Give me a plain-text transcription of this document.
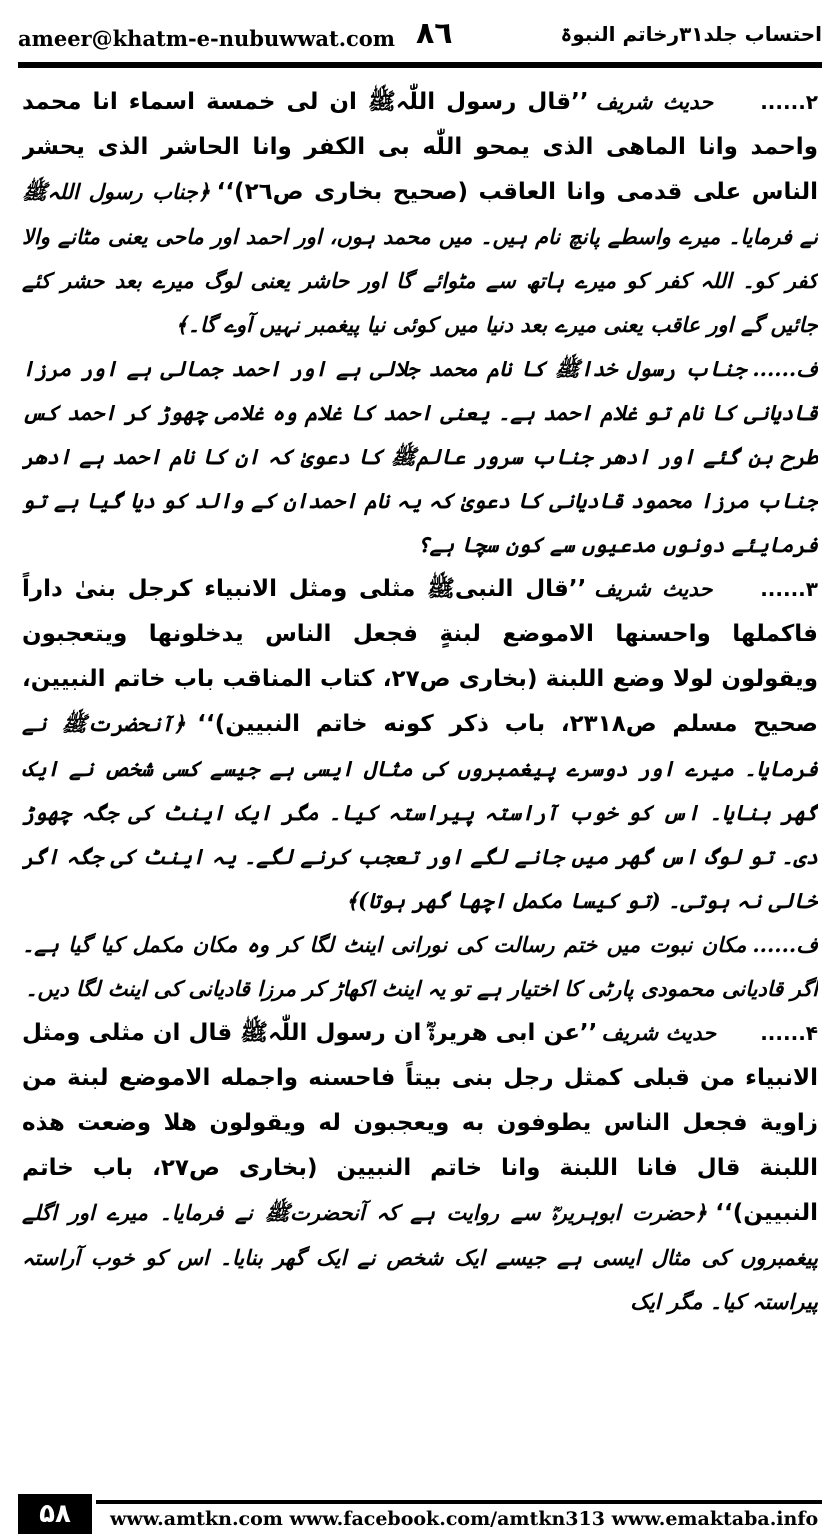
ameer@khatm-e-nubuwwat.com ۸٦	احتساب جلد۳۱رخاتم النبوۃ

۲...... حدیث شریف ’’قال رسول اللّٰہﷺ ان لی خمسة اسماء انا محمد واحمد وانا الماهی الذی یمحو اللّٰه بی الکفر وانا الحاشر الذی یحشر الناس علی قدمی وانا العاقب (صحیح بخاری ص٢٦)‘‘ ﴿جناب رسول اللہﷺ نے فرمایا۔ میرے واسطے پانچ نام ہیں۔ میں محمد ہوں، اور احمد اور ماحی یعنی مٹانے والا کفر کو۔ اللہ کفر کو میرے ہاتھ سے مٹوائے گا اور حاشر یعنی لوگ میرے بعد حشر کئے جائیں گے اور عاقب یعنی میرے بعد دنیا میں کوئی نیا پیغمبر نہیں آوے گا۔﴾

ف...... جناب رسول خداﷺ کا نام محمد جلالی ہے اور احمد جمالی ہے اور مرزا قادیانی کا نام تو غلام احمد ہے۔ یعنی احمد کا غلام وہ غلامی چھوڑ کر احمد کس طرح بن گئے اور ادھر جناب سرور عالمﷺ کا دعویٰ کہ ان کا نام احمد ہے ادھر جناب مرزا محمود قادیانی کا دعویٰ کہ یہ نام احمدان کے والد کو دیا گیا ہے تو فرمایئے دونوں مدعیوں سے کون سچا ہے؟

۳...... حدیث شریف ’’قال النبیﷺ مثلی ومثل الانبیاء کرجل بنیٰ داراً فاکملها واحسنها الاموضع لبنةٍ فجعل الناس یدخلونها ویتعجبون ویقولون لولا وضع اللبنة (بخاری ص٢٧، کتاب المناقب باب خاتم النبیین، صحیح مسلم ص٢٣١٨، باب ذکر کونه خاتم النبیین)‘‘ ﴿آنحضرتﷺ نے فرمایا۔ میرے اور دوسرے پیغمبروں کی مثال ایسی ہے جیسے کسی شخص نے ایک گھر بنایا۔ اس کو خوب آراستہ پیراستہ کیا۔ مگر ایک اینٹ کی جگہ چھوڑ دی۔ تو لوگ اس گھر میں جانے لگے اور تعجب کرنے لگے۔ یہ اینٹ کی جگہ اگر خالی نہ ہوتی۔ (تو کیسا مکمل اچھا گھر ہوتا)﴾

ف...... مکان نبوت میں ختم رسالت کی نورانی اینٹ لگا کر وہ مکان مکمل کیا گیا ہے۔ اگر قادیانی محمودی پارٹی کا اختیار ہے تو یہ اینٹ اکھاڑ کر مرزا قادیانی کی اینٹ لگا دیں۔

۴...... حدیث شریف ’’عن ابی هریرةؓ ان رسول اللّٰہﷺ قال ان مثلی ومثل الانبیاء من قبلی کمثل رجل بنی بیتاً فاحسنه واجمله الاموضع لبنة من زاویة فجعل الناس یطوفون به ویعجبون له ویقولون هلا وضعت هذه اللبنة قال فانا اللبنة وانا خاتم النبیین (بخاری ص٢٧، باب خاتم النبیین)‘‘ ﴿حضرت ابوہریرہؓ سے روایت ہے کہ آنحضرتﷺ نے فرمایا۔ میرے اور اگلے پیغمبروں کی مثال ایسی ہے جیسے ایک شخص نے ایک گھر بنایا۔ اس کو خوب آراستہ پیراستہ کیا۔ مگر ایک

۵۸	www.amtkn.com www.facebook.com/amtkn313 www.emaktaba.info
